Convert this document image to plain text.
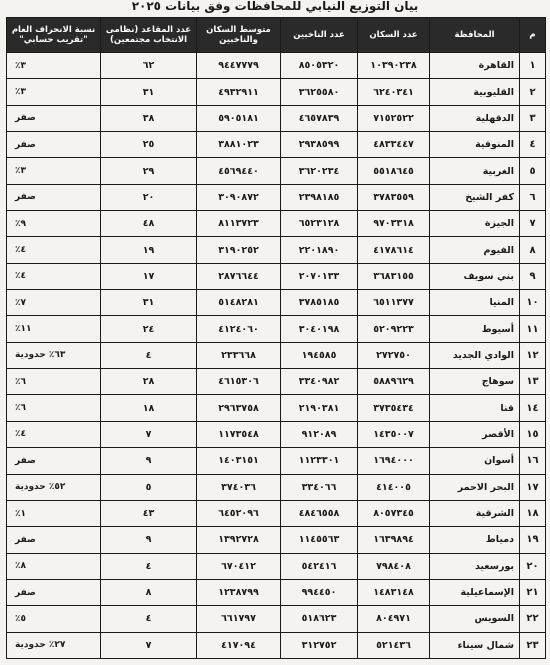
بيان التوزيع النيابي للمحافظات وفق بيانات ٢٠٢٥
م	المحافظة	عدد السكان	عدد الناخبين	متوسط السكان والناخبين	عدد المقاعد (نظامى الانتخاب مجتمعين)	نسبة الانحراف العام "تقريب حسابي"
١	القاهرة	١٠٣٩٠٢٣٨	٨٥٠٥٣٢٠	٩٤٤٧٧٧٩	٦٢	٣٪
٢	القليوبية	٦٢٤٠٣٤١	٣٦٢٥٥٨٠	٤٩٣٢٩١١	٣١	٣٪
٣	الدقهلية	٧١٥٢٥٢٢	٤٦٥٧٨٣٩	٥٩٠٥١٨١	٣٨	صفر
٤	المنوفية	٤٨٣٣٤٤٧	٢٩٣٨٥٩٩	٣٨٨١٠٢٣	٢٥	صفر
٥	الغربية	٥٥١٨٦٤٥	٣٦٢٠٢٣٤	٤٥٦٩٤٤٠	٢٩	٣٪
٦	كفر الشيخ	٣٧٨٣٥٥٩	٢٣٩٨١٨٥	٣٠٩٠٨٧٢	٢٠	صفر
٧	الجيزة	٩٧٠٣٣١٨	٦٥٢٣١٢٨	٨١١٣٧٢٣	٤٨	٩٪
٨	الفيوم	٤١٧٨٦١٤	٢٢٠١٨٩٠	٣١٩٠٢٥٢	١٩	٤٪
٩	بني سويف	٣٦٨٣١٥٥	٢٠٧٠١٣٣	٢٨٧٦٦٤٤	١٧	٤٪
١٠	المنيا	٦٥١١٣٧٧	٣٧٨٥١٨٥	٥١٤٨٢٨١	٣١	٧٪
١١	أسيوط	٥٢٠٩٢٢٣	٣٠٤٠١٩٨	٤١٢٤٠٦٠	٢٤	١١٪
١٢	الوادي الجديد	٢٧٢٧٥٠	١٩٤٥٨٥	٢٣٣٦٦٨	٤	٦٣٪ حدودية
١٣	سوهاج	٥٨٨٩٦٢٩	٣٣٤٠٩٨٢	٤٦١٥٣٠٦	٢٨	٦٪
١٤	قنا	٣٧٣٥٤٣٤	٢١٩٠٣٨١	٢٩٦٣٧٥٨	١٨	٦٪
١٥	الأقصر	١٤٣٥٠٠٧	٩١٢٠٨٩	١١٧٣٥٤٨	٧	٤٪
١٦	أسوان	١٦٩٤٠٠٠	١١٢٣٣٠١	١٤٠٣١٥١	٩	صفر
١٧	البحر الاحمر	٤١٤٠٠٥	٣٣٤٠٦٦	٣٧٤٠٣٦	٥	٥٢٪ حدودية
١٨	الشرقية	٨٠٥٧٣٤٥	٤٨٤٦٥٥٨	٦٤٥٢٠٩٦	٤٣	١٪
١٩	دمياط	١٦٣٩٨٩٤	١١٤٥٥٦٣	١٣٩٢٧٢٨	٩	صفر
٢٠	بورسعيد	٧٩٨٤٠٨	٥٤٢٤١٦	٦٧٠٤١٢	٤	٨٪
٢١	الإسماعيلية	١٤٨٣١٤٨	٩٩٤٤٥٠	١٢٣٨٧٩٩	٨	صفر
٢٢	السويس	٨٠٤٩٧١	٥١٨٦٢٣	٦٦١٧٩٧	٤	٥٪
٢٣	شمال سيناء	٥٢١٤٣٦	٣١٢٧٥٢	٤١٧٠٩٤	٧	٢٧٪ حدودية
